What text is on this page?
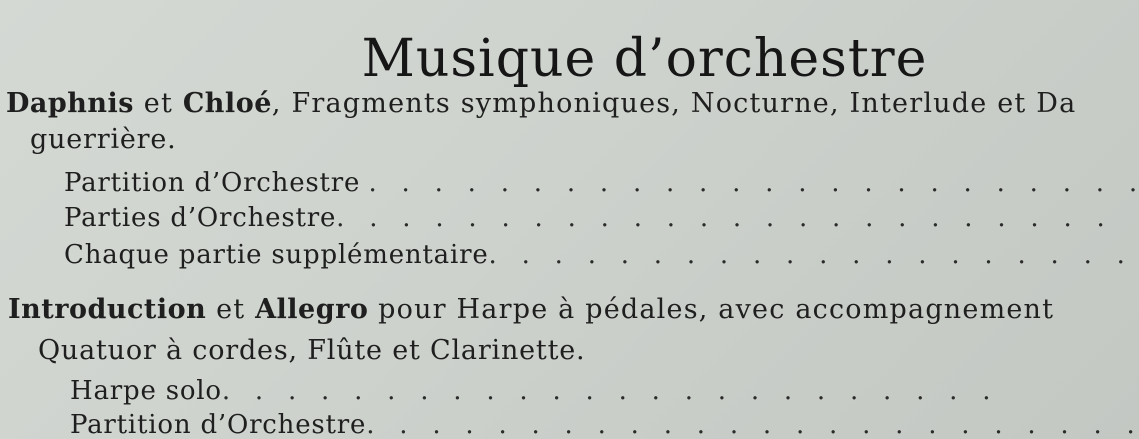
Musique d’orchestre
Daphnis et Chloé, Fragments symphoniques, Nocturne, Interlude et Da
guerrière.
Partition d’Orchestre .   .
Parties d’Orchestre .   .
Chaque partie supplémentaire .   .
Introduction et Allegro pour Harpe à pédales, avec accompagnement
Quatuor à cordes, Flûte et Clarinette.
Harpe solo .   .
Partition d’Orchestre .   .
